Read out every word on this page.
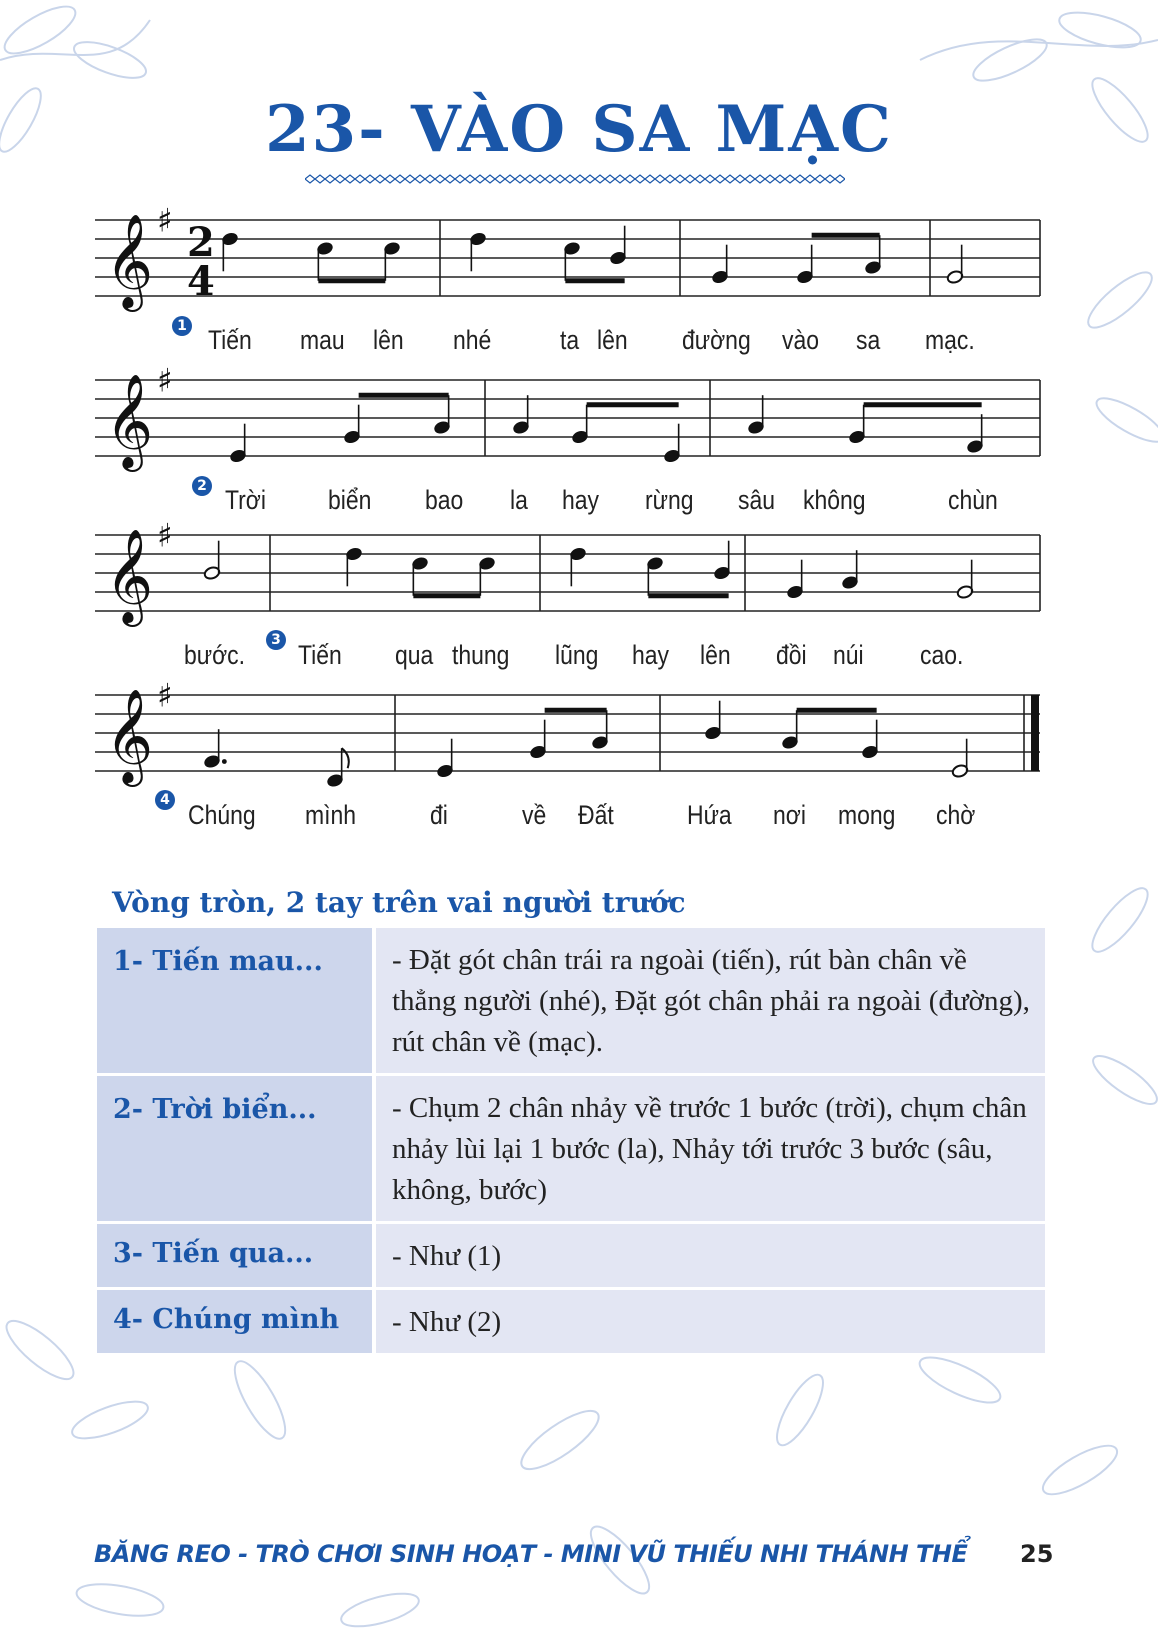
23- VÀO SA MẠC
𝄞 ♯ 2
4
𝄞 ♯
𝄞 ♯
𝄞 ♯
Tiến mau lên nhé	ta lên đường vào sa mạc.
Trời biển bao la hay rừng sâu không	chùn
bước. Tiến qua thung lũng hay lên đồi núi cao.
Chúng mình	đi	về Đất	Hứa nơi mong chờ
1
2
3
4
Vòng tròn, 2 tay trên vai người trước
1- Tiến mau...	- Đặt gót chân trái ra ngoài (tiến), rút bàn chân về thẳng người (nhé), Đặt gót chân phải ra ngoài (đường), rút chân về (mạc).
2- Trời biển...	- Chụm 2 chân nhảy về trước 1 bước (trời), chụm chân nhảy lùi lại 1 bước (la), Nhảy tới trước 3 bước (sâu, không, bước)
3- Tiến qua...	- Như (1)
4- Chúng mình	- Như (2)
BĂNG REO - TRÒ CHƠI SINH HOẠT - MINI VŨ THIẾU NHI THÁNH THỂ 25
